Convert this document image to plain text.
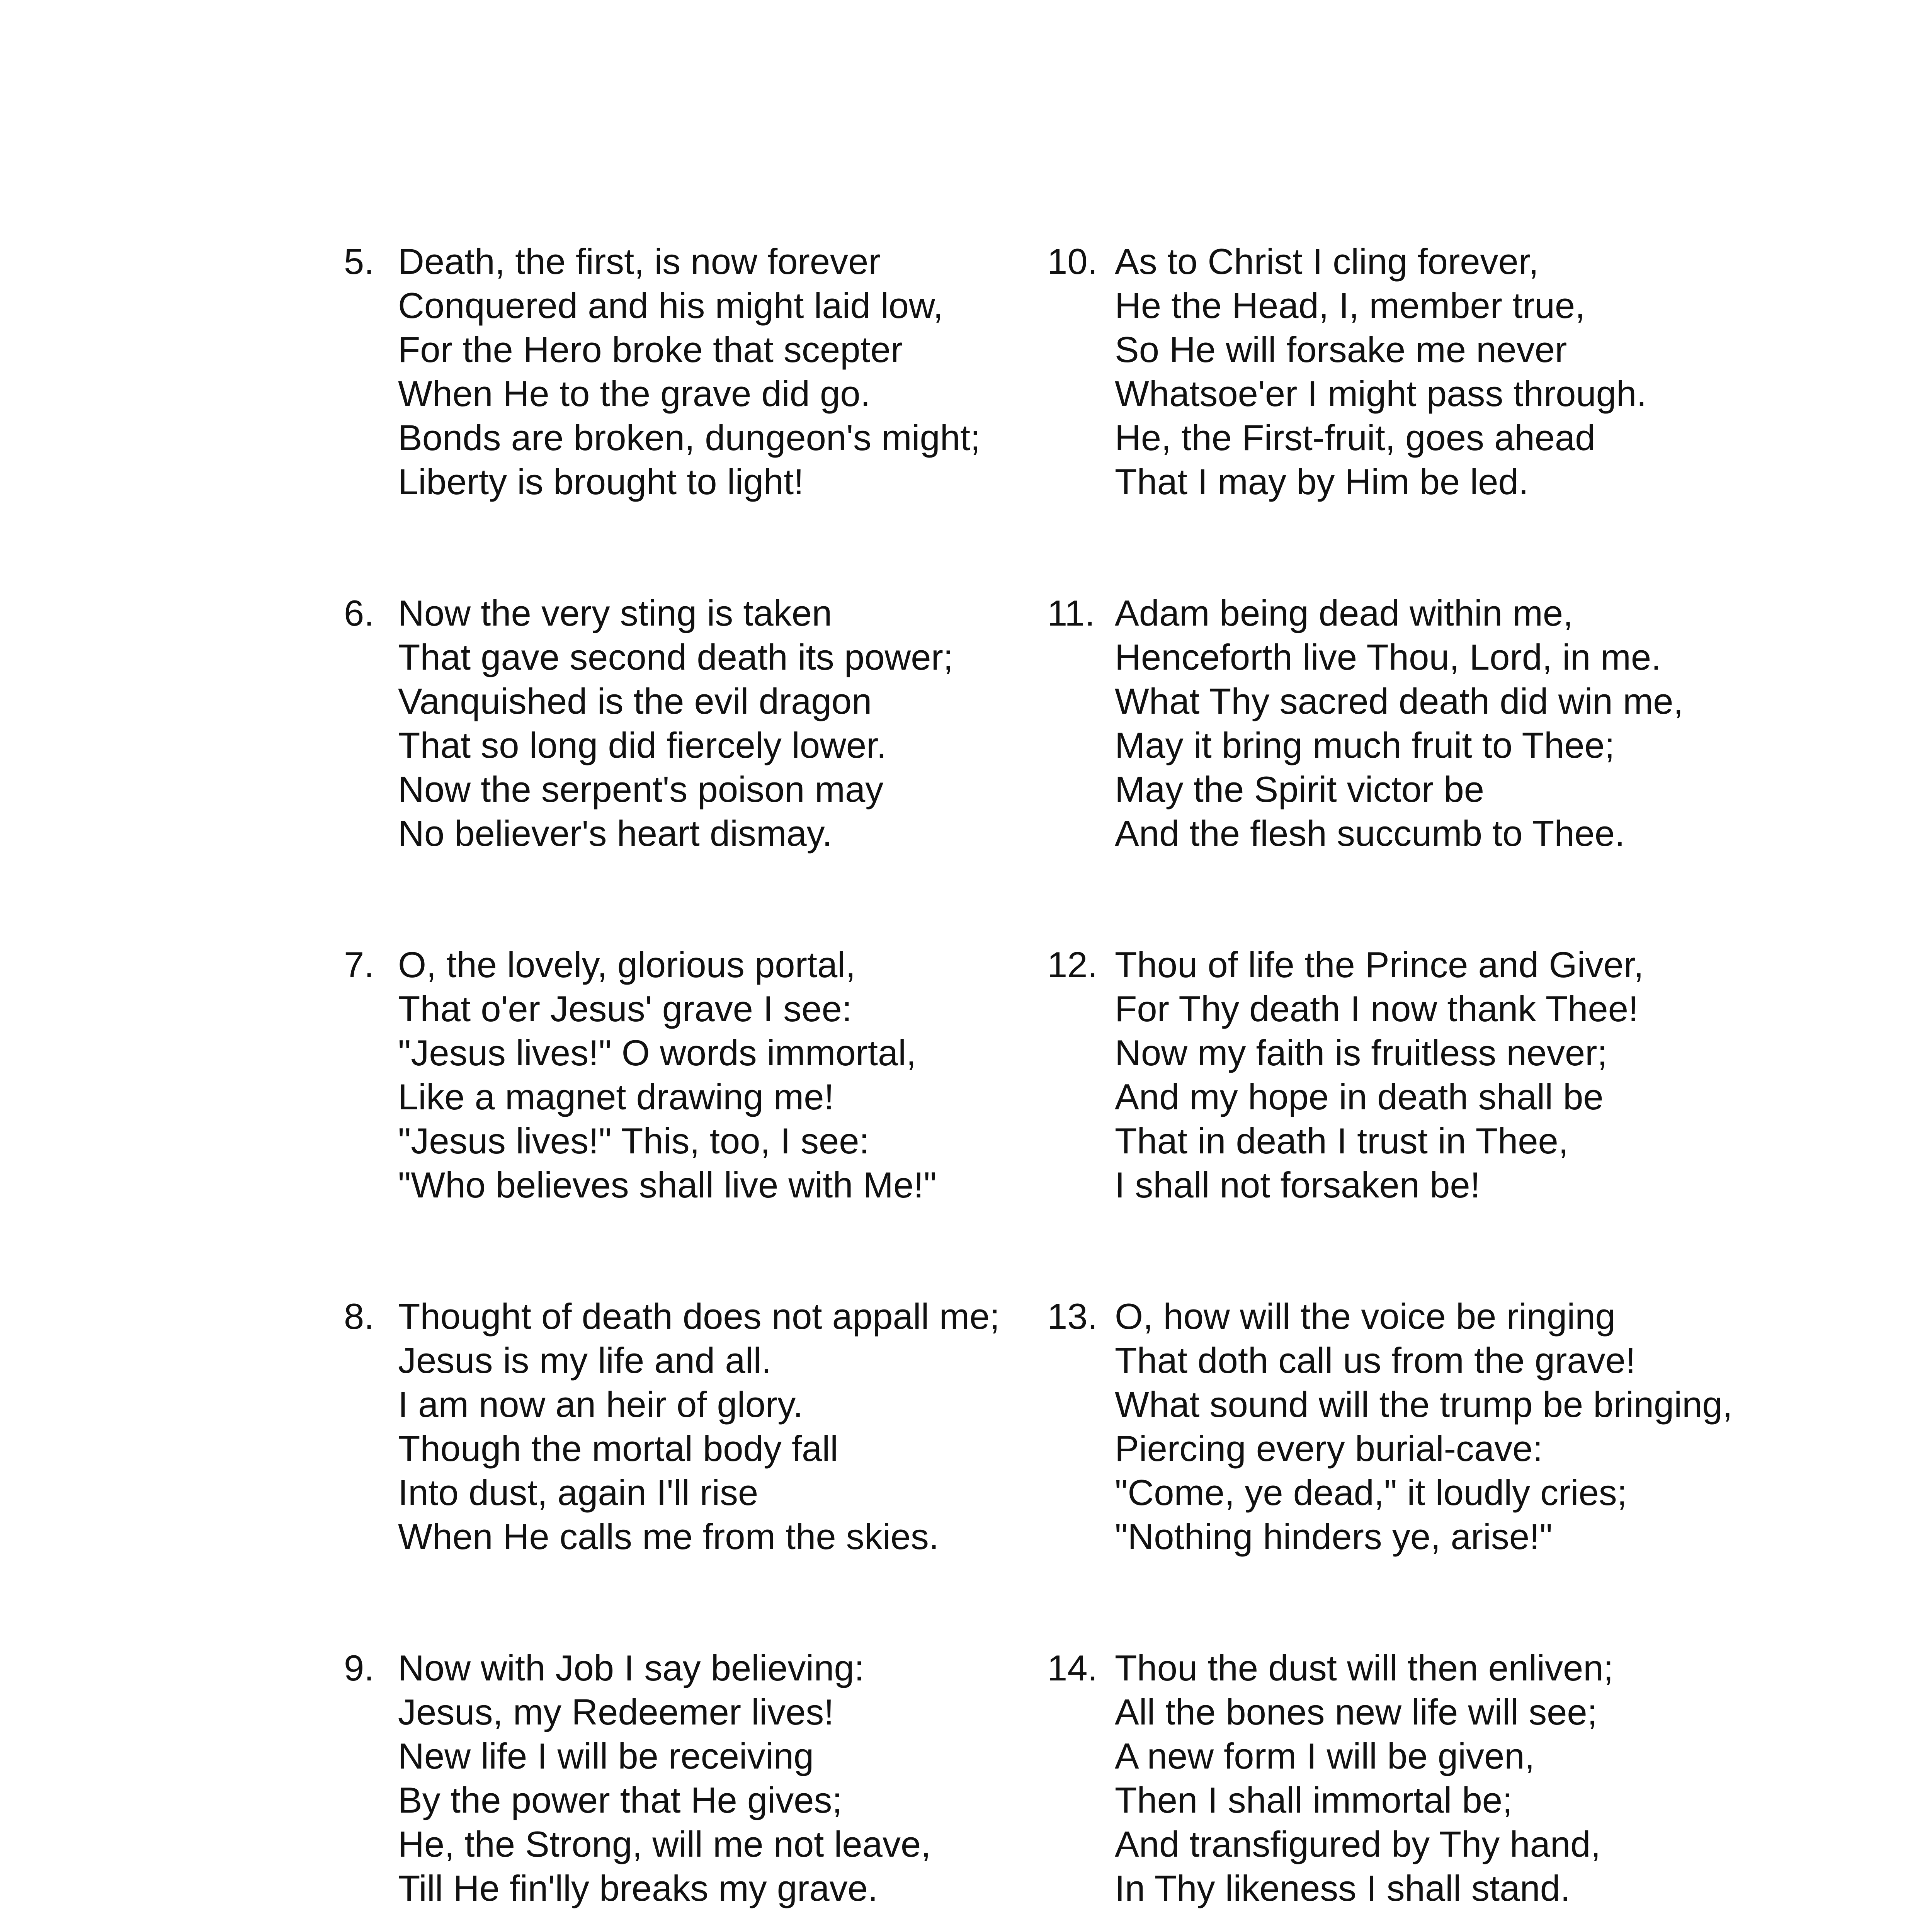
5. Death, the first, is now forever
Conquered and his might laid low,
For the Hero broke that scepter
When He to the grave did go.
Bonds are broken, dungeon's might;
Liberty is brought to light!
10. As to Christ I cling forever,
He the Head, I, member true,
So He will forsake me never
Whatsoe'er I might pass through.
He, the First-fruit, goes ahead
That I may by Him be led.
6. Now the very sting is taken
That gave second death its power;
Vanquished is the evil dragon
That so long did fiercely lower.
Now the serpent's poison may
No believer's heart dismay.
11. Adam being dead within me,
Henceforth live Thou, Lord, in me.
What Thy sacred death did win me,
May it bring much fruit to Thee;
May the Spirit victor be
And the flesh succumb to Thee.
7. O, the lovely, glorious portal,
That o'er Jesus' grave I see:
"Jesus lives!" O words immortal,
Like a magnet drawing me!
"Jesus lives!" This, too, I see:
"Who believes shall live with Me!"
12. Thou of life the Prince and Giver,
For Thy death I now thank Thee!
Now my faith is fruitless never;
And my hope in death shall be
That in death I trust in Thee,
I shall not forsaken be!
8. Thought of death does not appall me;
Jesus is my life and all.
I am now an heir of glory.
Though the mortal body fall
Into dust, again I'll rise
When He calls me from the skies.
13. O, how will the voice be ringing
That doth call us from the grave!
What sound will the trump be bringing,
Piercing every burial-cave:
"Come, ye dead," it loudly cries;
"Nothing hinders ye, arise!"
9. Now with Job I say believing:
Jesus, my Redeemer lives!
New life I will be receiving
By the power that He gives;
He, the Strong, will me not leave,
Till He fin'lly breaks my grave.
14. Thou the dust will then enliven;
All the bones new life will see;
A new form I will be given,
Then I shall immortal be;
And transfigured by Thy hand,
In Thy likeness I shall stand.
